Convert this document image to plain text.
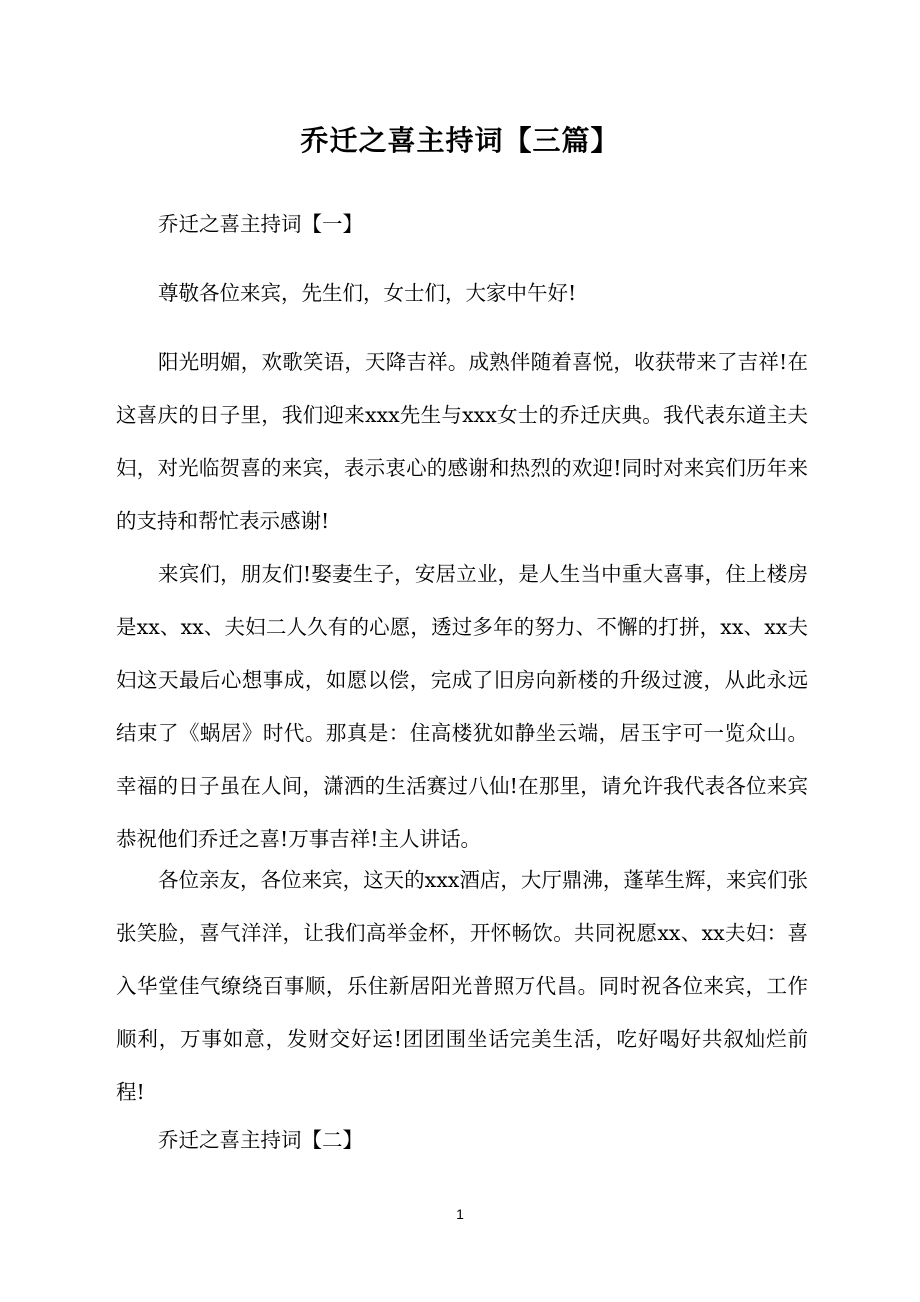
乔迁之喜主持词【三篇】

乔迁之喜主持词【一】

尊敬各位来宾，先生们，女士们，大家中午好!

阳光明媚，欢歌笑语，天降吉祥。成熟伴随着喜悦，收获带来了吉祥!在这喜庆的日子里，我们迎来xxx先生与xxx女士的乔迁庆典。我代表东道主夫妇，对光临贺喜的来宾，表示衷心的感谢和热烈的欢迎!同时对来宾们历年来的支持和帮忙表示感谢!

来宾们，朋友们!娶妻生子，安居立业，是人生当中重大喜事，住上楼房是xx、xx、夫妇二人久有的心愿，透过多年的努力、不懈的打拼，xx、xx夫妇这天最后心想事成，如愿以偿，完成了旧房向新楼的升级过渡，从此永远结束了《蜗居》时代。那真是：住高楼犹如静坐云端，居玉宇可一览众山。幸福的日子虽在人间，潇洒的生活赛过八仙!在那里，请允许我代表各位来宾恭祝他们乔迁之喜!万事吉祥!主人讲话。

各位亲友，各位来宾，这天的xxx酒店，大厅鼎沸，蓬荜生辉，来宾们张张笑脸，喜气洋洋，让我们高举金杯，开怀畅饮。共同祝愿xx、xx夫妇：喜入华堂佳气缭绕百事顺，乐住新居阳光普照万代昌。同时祝各位来宾，工作顺利，万事如意，发财交好运!团团围坐话完美生活，吃好喝好共叙灿烂前程!

乔迁之喜主持词【二】

1
